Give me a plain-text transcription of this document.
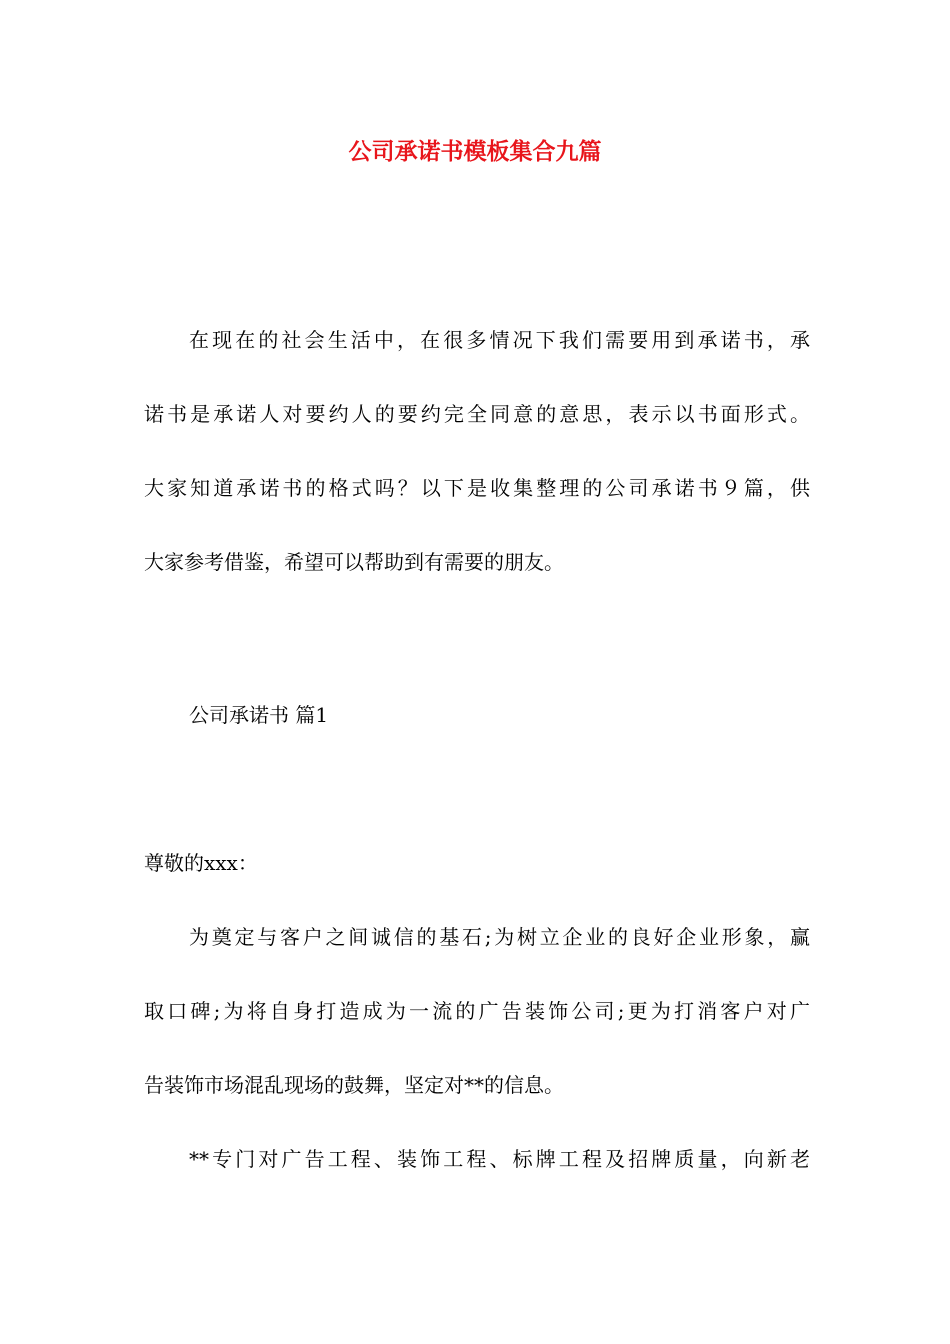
公司承诺书模板集合九篇

在现在的社会生活中，在很多情况下我们需要用到承诺书，承

诺书是承诺人对要约人的要约完全同意的意思，表示以书面形式。

大家知道承诺书的格式吗？以下是收集整理的公司承诺书９篇，供

大家参考借鉴，希望可以帮助到有需要的朋友。

公司承诺书 篇1

尊敬的xxx：

为奠定与客户之间诚信的基石;为树立企业的良好企业形象，赢

取口碑;为将自身打造成为一流的广告装饰公司;更为打消客户对广

告装饰市场混乱现场的鼓舞，坚定对**的信息。

**专门对广告工程、装饰工程、标牌工程及招牌质量，向新老
